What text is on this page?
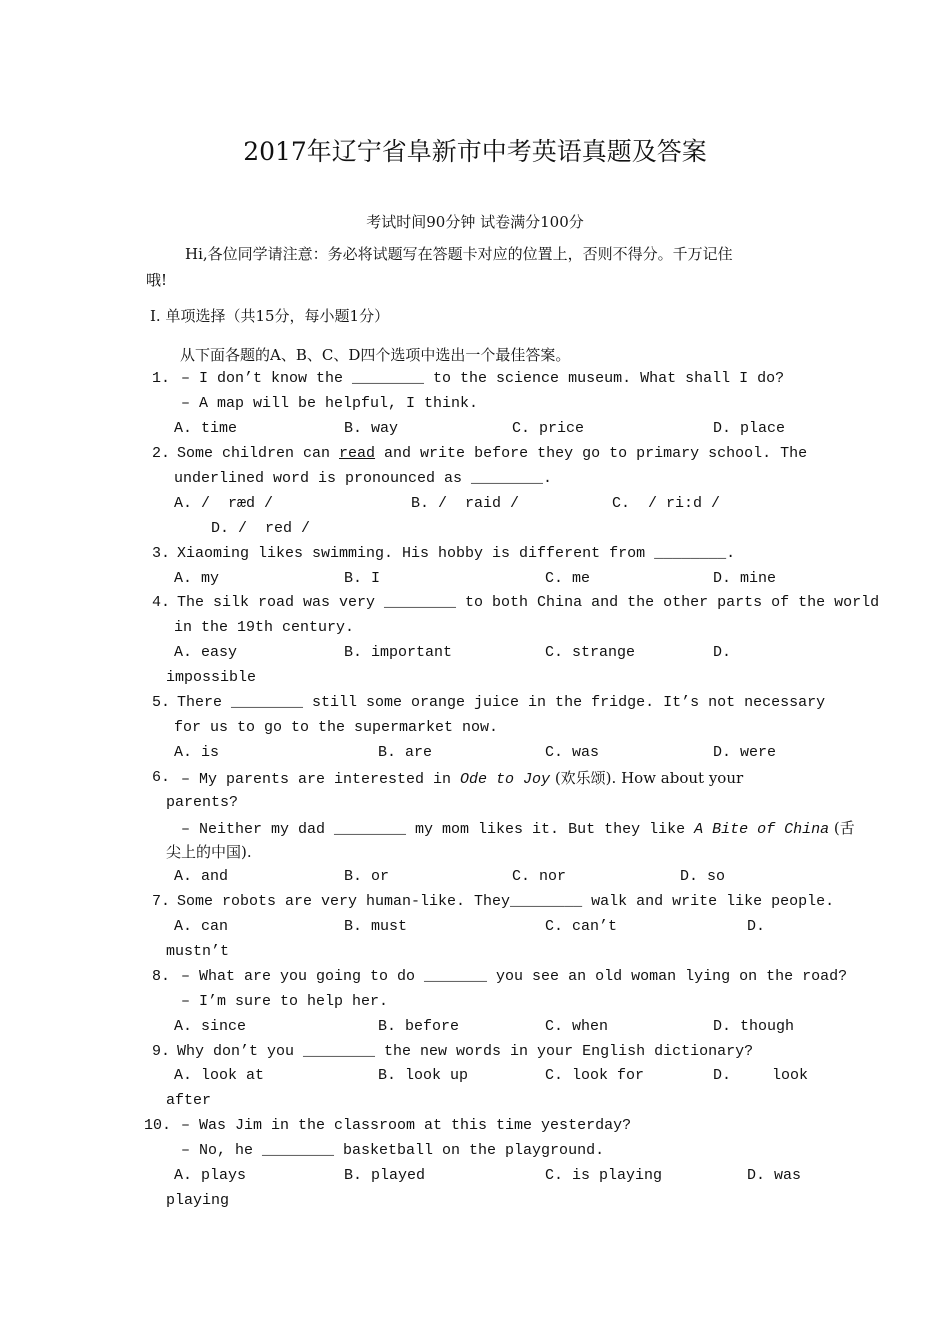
2017年辽宁省阜新市中考英语真题及答案
考试时间90分钟 试卷满分100分
Hi,各位同学请注意：务必将试题写在答题卡对应的位置上，否则不得分。千万记住
哦!
Ⅰ. 单项选择（共15分，每小题1分）
从下面各题的A、B、C、D四个选项中选出一个最佳答案。
1. – I don’t know the ________ to the science museum. What shall I do?
– A map will be helpful, I think.
A. time	B. way	C. price	D. place
2. Some children can read and write before they go to primary school. The
underlined word is pronounced as ________.
A. /  ræd /	B. /  raid /	C.  / ri:d /
D. /  red /
3. Xiaoming likes swimming. His hobby is different from ________.
A. my	B. I	C. me	D. mine
4. The silk road was very ________ to both China and the other parts of the world
in the 19th century.
A. easy	B. important	C. strange	D.
impossible
5. There ________ still some orange juice in the fridge. It’s not necessary
for us to go to the supermarket now.
A. is	B. are	C. was	D. were
6. – My parents are interested in Ode to Joy (欢乐颂). How about your
parents?
– Neither my dad ________ my mom likes it. But they like A Bite of China (舌
尖上的中国).
A. and	B. or	C. nor	D. so
7. Some robots are very human-like. They________ walk and write like people.
A. can	B. must	C. can’t	D.
mustn’t
8. – What are you going to do _______ you see an old woman lying on the road?
– I’m sure to help her.
A. since	B. before	C. when	D. though
9. Why don’t you ________ the new words in your English dictionary?
A. look at	B. look up	C. look for	D.	look
after
10. – Was Jim in the classroom at this time yesterday?
– No, he ________ basketball on the playground.
A. plays	B. played	C. is playing	D. was
playing
